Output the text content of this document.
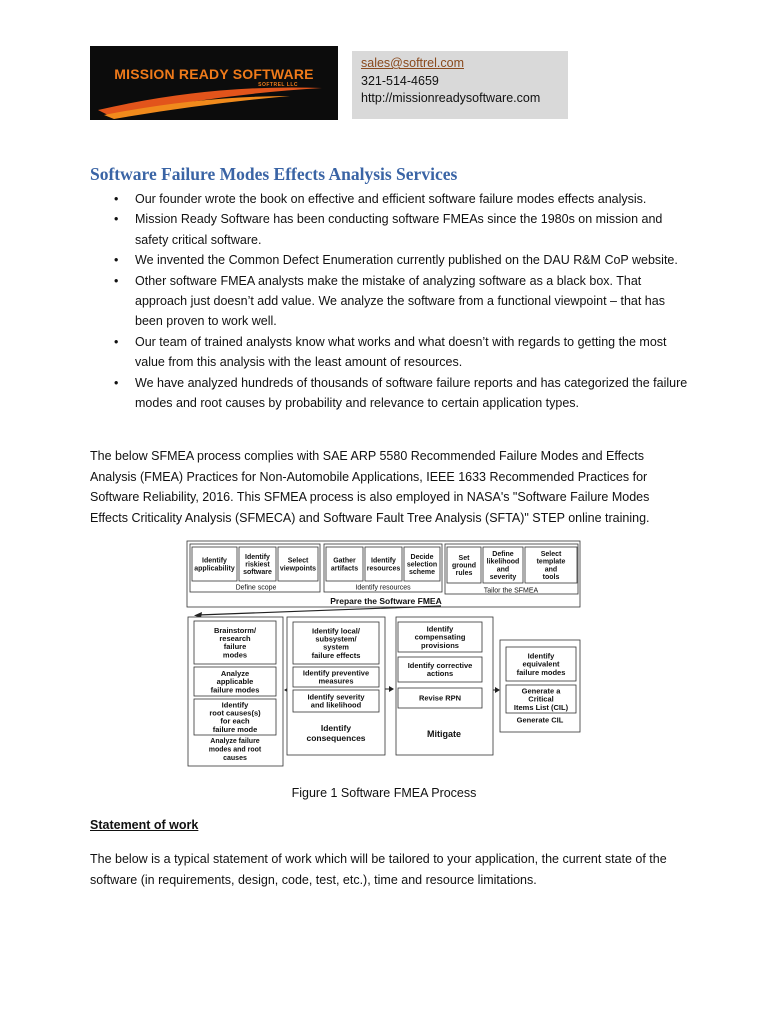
MISSION READY SOFTWARE
SOFTREL LLC
sales@softrel.com
321-514-4659
http://missionreadysoftware.com
Software Failure Modes Effects Analysis Services
• Our founder wrote the book on effective and efficient software failure modes effects analysis.
• Mission Ready Software has been conducting software FMEAs since the 1980s on mission and safety critical software.
• We invented the Common Defect Enumeration currently published on the DAU R&M CoP website.
• Other software FMEA analysts make the mistake of analyzing software as a black box. That approach just doesn’t add value. We analyze the software from a functional viewpoint – that has been proven to work well.
• Our team of trained analysts know what works and what doesn’t with regards to getting the most value from this analysis with the least amount of resources.
• We have analyzed hundreds of thousands of software failure reports and has categorized the failure modes and root causes by probability and relevance to certain application types.

The below SFMEA process complies with SAE ARP 5580 Recommended Failure Modes and Effects Analysis (FMEA) Practices for Non-Automobile Applications, IEEE 1633 Recommended Practices for Software Reliability, 2016. This SFMEA process is also employed in NASA's "Software Failure Modes Effects Criticality Analysis (SFMECA) and Software Fault Tree Analysis (SFTA)" STEP online training.

Identify applicability
Identify riskiest software
Select viewpoints
Define scope
Gather artifacts
Identify resources
Decide selection scheme
Identify resources
Set ground rules
Define likelihood and severity
Select template and tools
Tailor the SFMEA
Prepare the Software FMEA
Brainstorm/ research failure modes
Analyze applicable failure modes
Identify root causes(s) for each failure mode
Analyze failure modes and root causes
Identify local/ subsystem/ system failure effects
Identify preventive measures
Identify severity and likelihood
Identify consequences
Identify compensating provisions
Identify corrective actions
Revise RPN
Mitigate
Identify equivalent failure modes
Generate a Critical Items List (CIL)
Generate CIL

Figure 1 Software FMEA Process

Statement of work

The below is a typical statement of work which will be tailored to your application, the current state of the software (in requirements, design, code, test, etc.), time and resource limitations.
